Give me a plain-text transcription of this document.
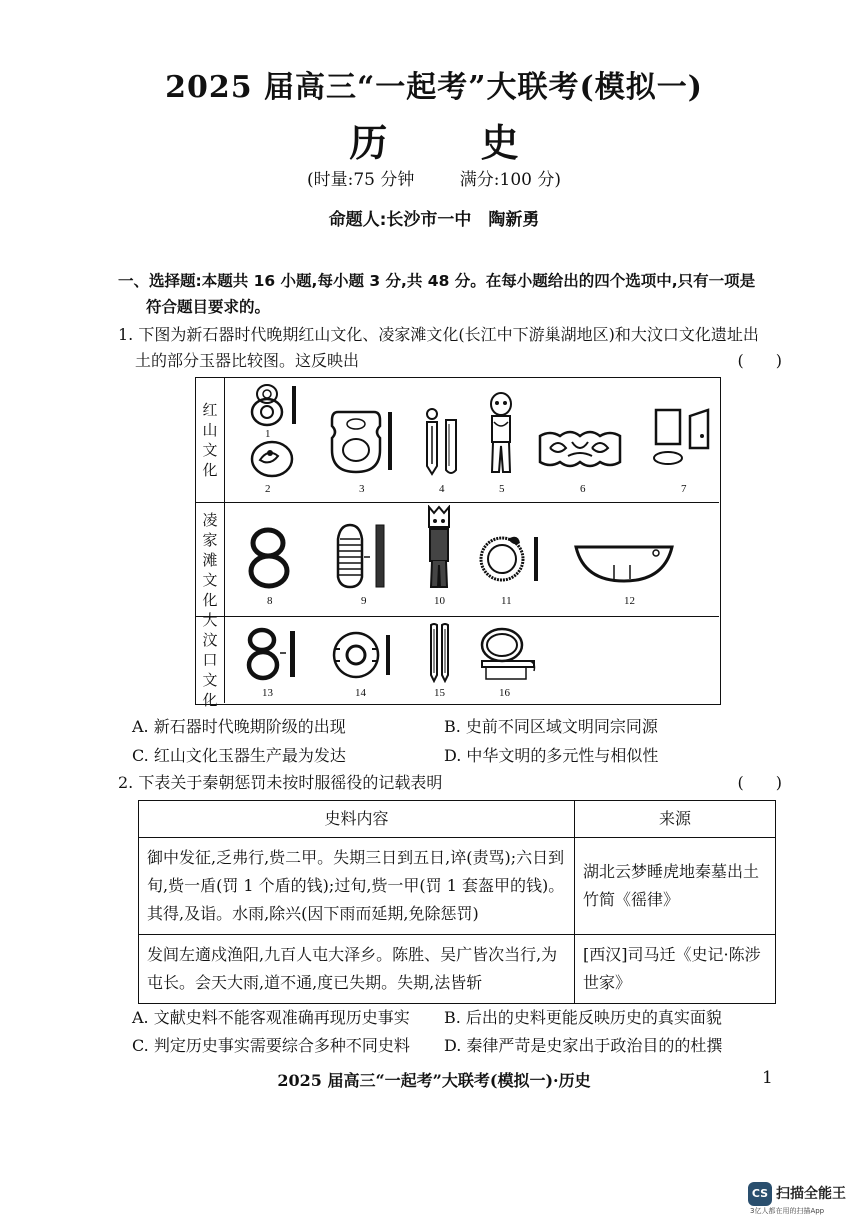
2025 届高三“一起考”大联考(模拟一)
历 史
(时量:75 分钟	满分:100 分)
命题人:长沙市一中　陶新勇
一、选择题:本题共 16 小题,每小题 3 分,共 48 分。在每小题给出的四个选项中,只有一项是
符合题目要求的。
1. 下图为新石器时代晚期红山文化、凌家滩文化(长江中下游巢湖地区)和大汶口文化遗址出
土的部分玉器比较图。这反映出	(　　)
红
山
文
化
1
2	3	4	5	6	7
凌
家
滩
文
化	8	9	10	11	12
大
汶
口
文
化	13	14	15	16
A. 新石器时代晚期阶级的出现	B. 史前不同区域文明同宗同源
C. 红山文化玉器生产最为发达	D. 中华文明的多元性与相似性
2. 下表关于秦朝惩罚未按时服徭役的记载表明	(　　)
史料内容	来源
御中发征,乏弗行,赀二甲。失期三日到五日,谇(责骂);六日到旬,赀一盾(罚 1 个盾的钱);过旬,赀一甲(罚 1 套盔甲的钱)。其得,及诣。水雨,除兴(因下雨而延期,免除惩罚)	湖北云梦睡虎地秦墓出土竹简《徭律》
发闾左適戍渔阳,九百人屯大泽乡。陈胜、吴广皆次当行,为屯长。会天大雨,道不通,度已失期。失期,法皆斩	[西汉]司马迁《史记·陈涉世家》
A. 文献史料不能客观准确再现历史事实 B. 后出的史料更能反映历史的真实面貌
C. 判定历史事实需要综合多种不同史料 D. 秦律严苛是史家出于政治目的的杜撰
2025 届高三“一起考”大联考(模拟一)·历史	1
CS 扫描全能王
3亿人都在用的扫描App
